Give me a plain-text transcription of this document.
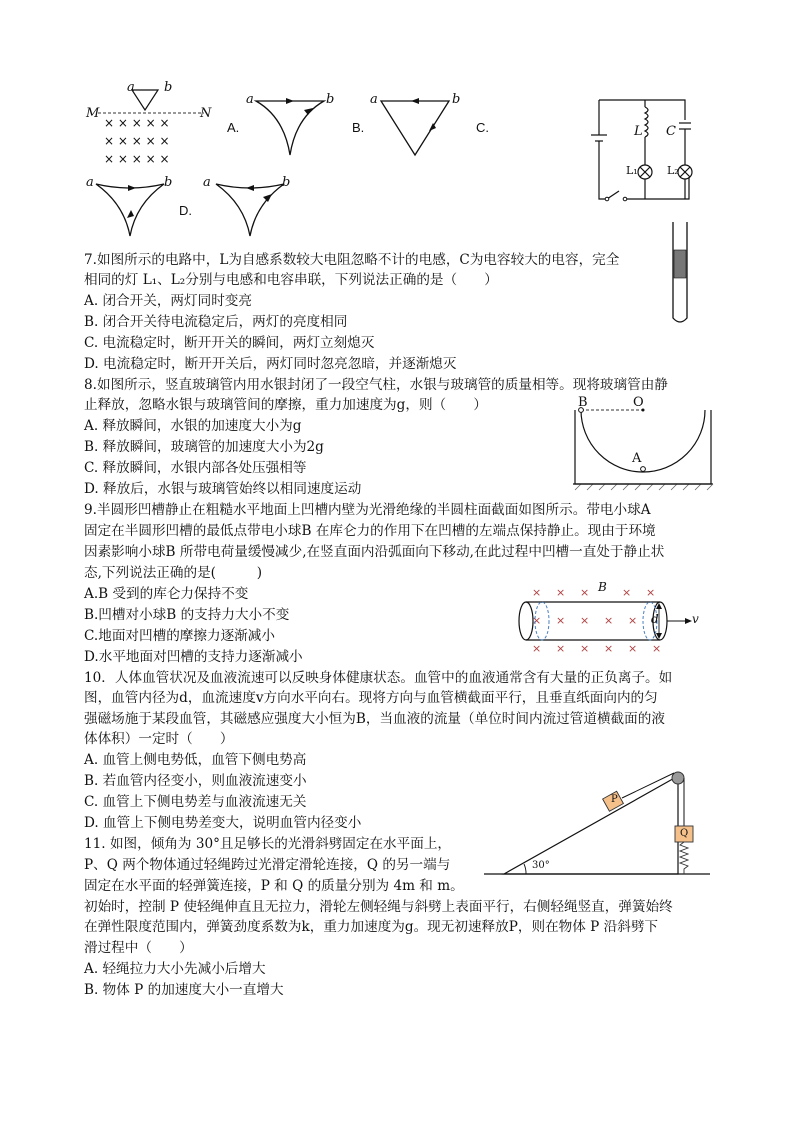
× × × × ×
× × × × ×
× × × × ×
a b
M	N
a	b
A.
a	b
B.	C.
a	b
D.
a	b
L C
L₁	L₂
7.如图所示的电路中，L为自感系数较大电阻忽略不计的电感，C为电容较大的电容，完全
相同的灯 L₁、L₂分别与电感和电容串联，下列说法正确的是（　　）
A. 闭合开关，两灯同时变亮
B. 闭合开关待电流稳定后，两灯的亮度相同
C. 电流稳定时，断开开关的瞬间，两灯立刻熄灭
D. 电流稳定时，断开开关后，两灯同时忽亮忽暗，并逐渐熄灭
8.如图所示，竖直玻璃管内用水银封闭了一段空气柱，水银与玻璃管的质量相等。现将玻璃管由静
止释放，忽略水银与玻璃管间的摩擦，重力加速度为g，则（　　）
A. 释放瞬间，水银的加速度大小为g
B. 释放瞬间，玻璃管的加速度大小为2g
C. 释放瞬间，水银内部各处压强相等
D. 释放后，水银与玻璃管始终以相同速度运动
B	O
A
9.半圆形凹槽静止在粗糙水平地面上凹槽内壁为光滑绝缘的半圆柱面截面如图所示。带电小球A
固定在半圆形凹槽的最低点带电小球B 在库仑力的作用下在凹槽的左端点保持静止。现由于环境
因素影响小球B 所带电荷量缓慢减少,在竖直面内沿弧面向下移动,在此过程中凹槽一直处于静止状
态,下列说法正确的是(　　　)
A.B 受到的库仑力保持不变
B.凹槽对小球B 的支持力大小不变
C.地面对凹槽的摩擦力逐渐减小
D.水平地面对凹槽的支持力逐渐减小
× × ×	× ×
× × × × ×
× × × × × ×
B
d	v
10．人体血管状况及血液流速可以反映身体健康状态。血管中的血液通常含有大量的正负离子。如
图，血管内径为d，血流速度v方向水平向右。现将方向与血管横截面平行，且垂直纸面向内的匀
强磁场施于某段血管，其磁感应强度大小恒为B，当血液的流量（单位时间内流过管道横截面的液
体体积）一定时（　　）
A. 血管上侧电势低，血管下侧电势高
B. 若血管内径变小，则血液流速变小
C. 血管上下侧电势差与血液流速无关
D. 血管上下侧电势差变大，说明血管内径变小
P
Q
30°
11. 如图，倾角为 30°且足够长的光滑斜劈固定在水平面上，
P、Q 两个物体通过轻绳跨过光滑定滑轮连接，Q 的另一端与
固定在水平面的轻弹簧连接，P 和 Q 的质量分别为 4m 和 m。
初始时，控制 P 使轻绳伸直且无拉力，滑轮左侧轻绳与斜劈上表面平行，右侧轻绳竖直，弹簧始终
在弹性限度范围内，弹簧劲度系数为k，重力加速度为g。现无初速释放P，则在物体 P 沿斜劈下
滑过程中（　　）
A. 轻绳拉力大小先减小后增大
B. 物体 P 的加速度大小一直增大
